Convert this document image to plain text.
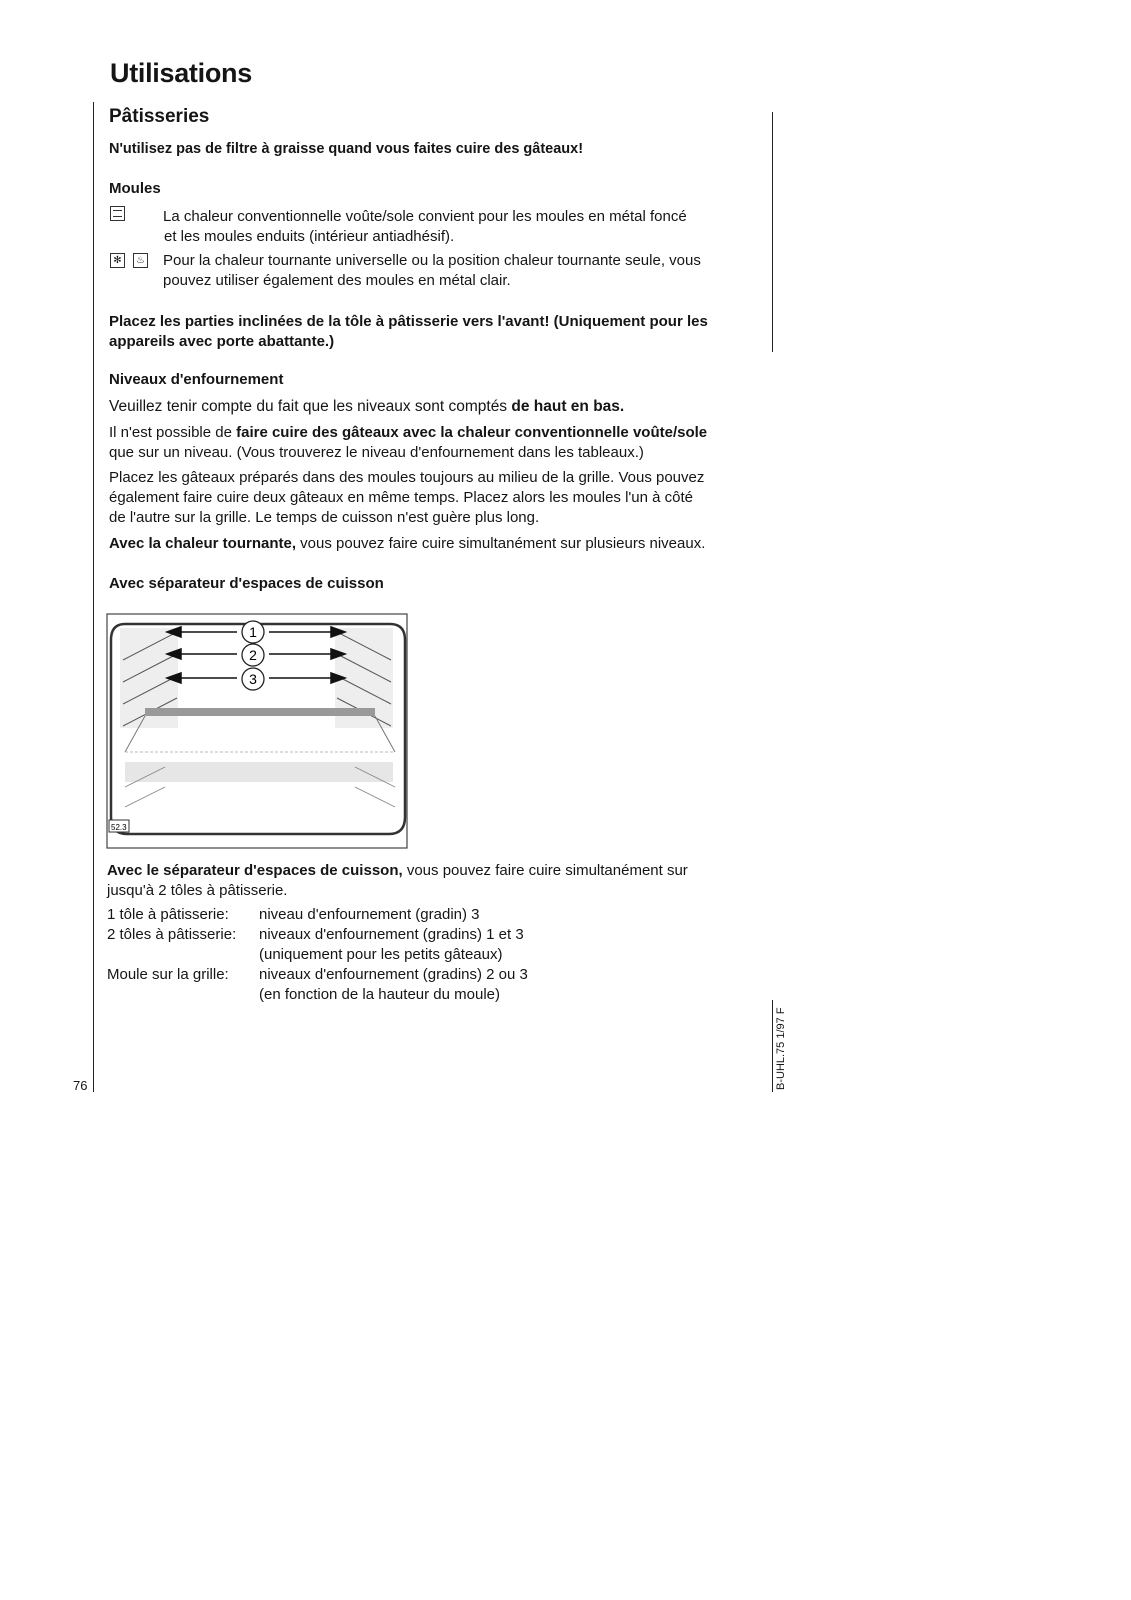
Utilisations
Pâtisseries
N'utilisez pas de filtre à graisse quand vous faites cuire des gâteaux!
Moules
La chaleur conventionnelle voûte/sole convient pour les moules en métal foncé
et les moules enduits (intérieur antiadhésif).
✻	♨ Pour la chaleur tournante universelle ou la position chaleur tournante seule, vous
pouvez utiliser également des moules en métal clair.
Placez les parties inclinées de la tôle à pâtisserie vers l'avant! (Uniquement pour les
appareils avec porte abattante.)
Niveaux d'enfournement
Veuillez tenir compte du fait que les niveaux sont comptés de haut en bas.
Il n'est possible de faire cuire des gâteaux avec la chaleur conventionnelle voûte/sole
que sur un niveau. (Vous trouverez le niveau d'enfournement dans les tableaux.)
Placez les gâteaux préparés dans des moules toujours au milieu de la grille. Vous pouvez
également faire cuire deux gâteaux en même temps. Placez alors les moules l'un à côté
de l'autre sur la grille. Le temps de cuisson n'est guère plus long.
Avec la chaleur tournante, vous pouvez faire cuire simultanément sur plusieurs niveaux.
Avec séparateur d'espaces de cuisson
1
2
3
52.3
Avec le séparateur d'espaces de cuisson, vous pouvez faire cuire simultanément sur
jusqu'à 2 tôles à pâtisserie.
1 tôle à pâtisserie: niveau d'enfournement (gradin) 3
2 tôles à pâtisserie: niveaux d'enfournement (gradins) 1 et 3
(uniquement pour les petits gâteaux)
Moule sur la grille: niveaux d'enfournement (gradins) 2 ou 3
(en fonction de la hauteur du moule)
76	B-UHL.75 1/97 F
